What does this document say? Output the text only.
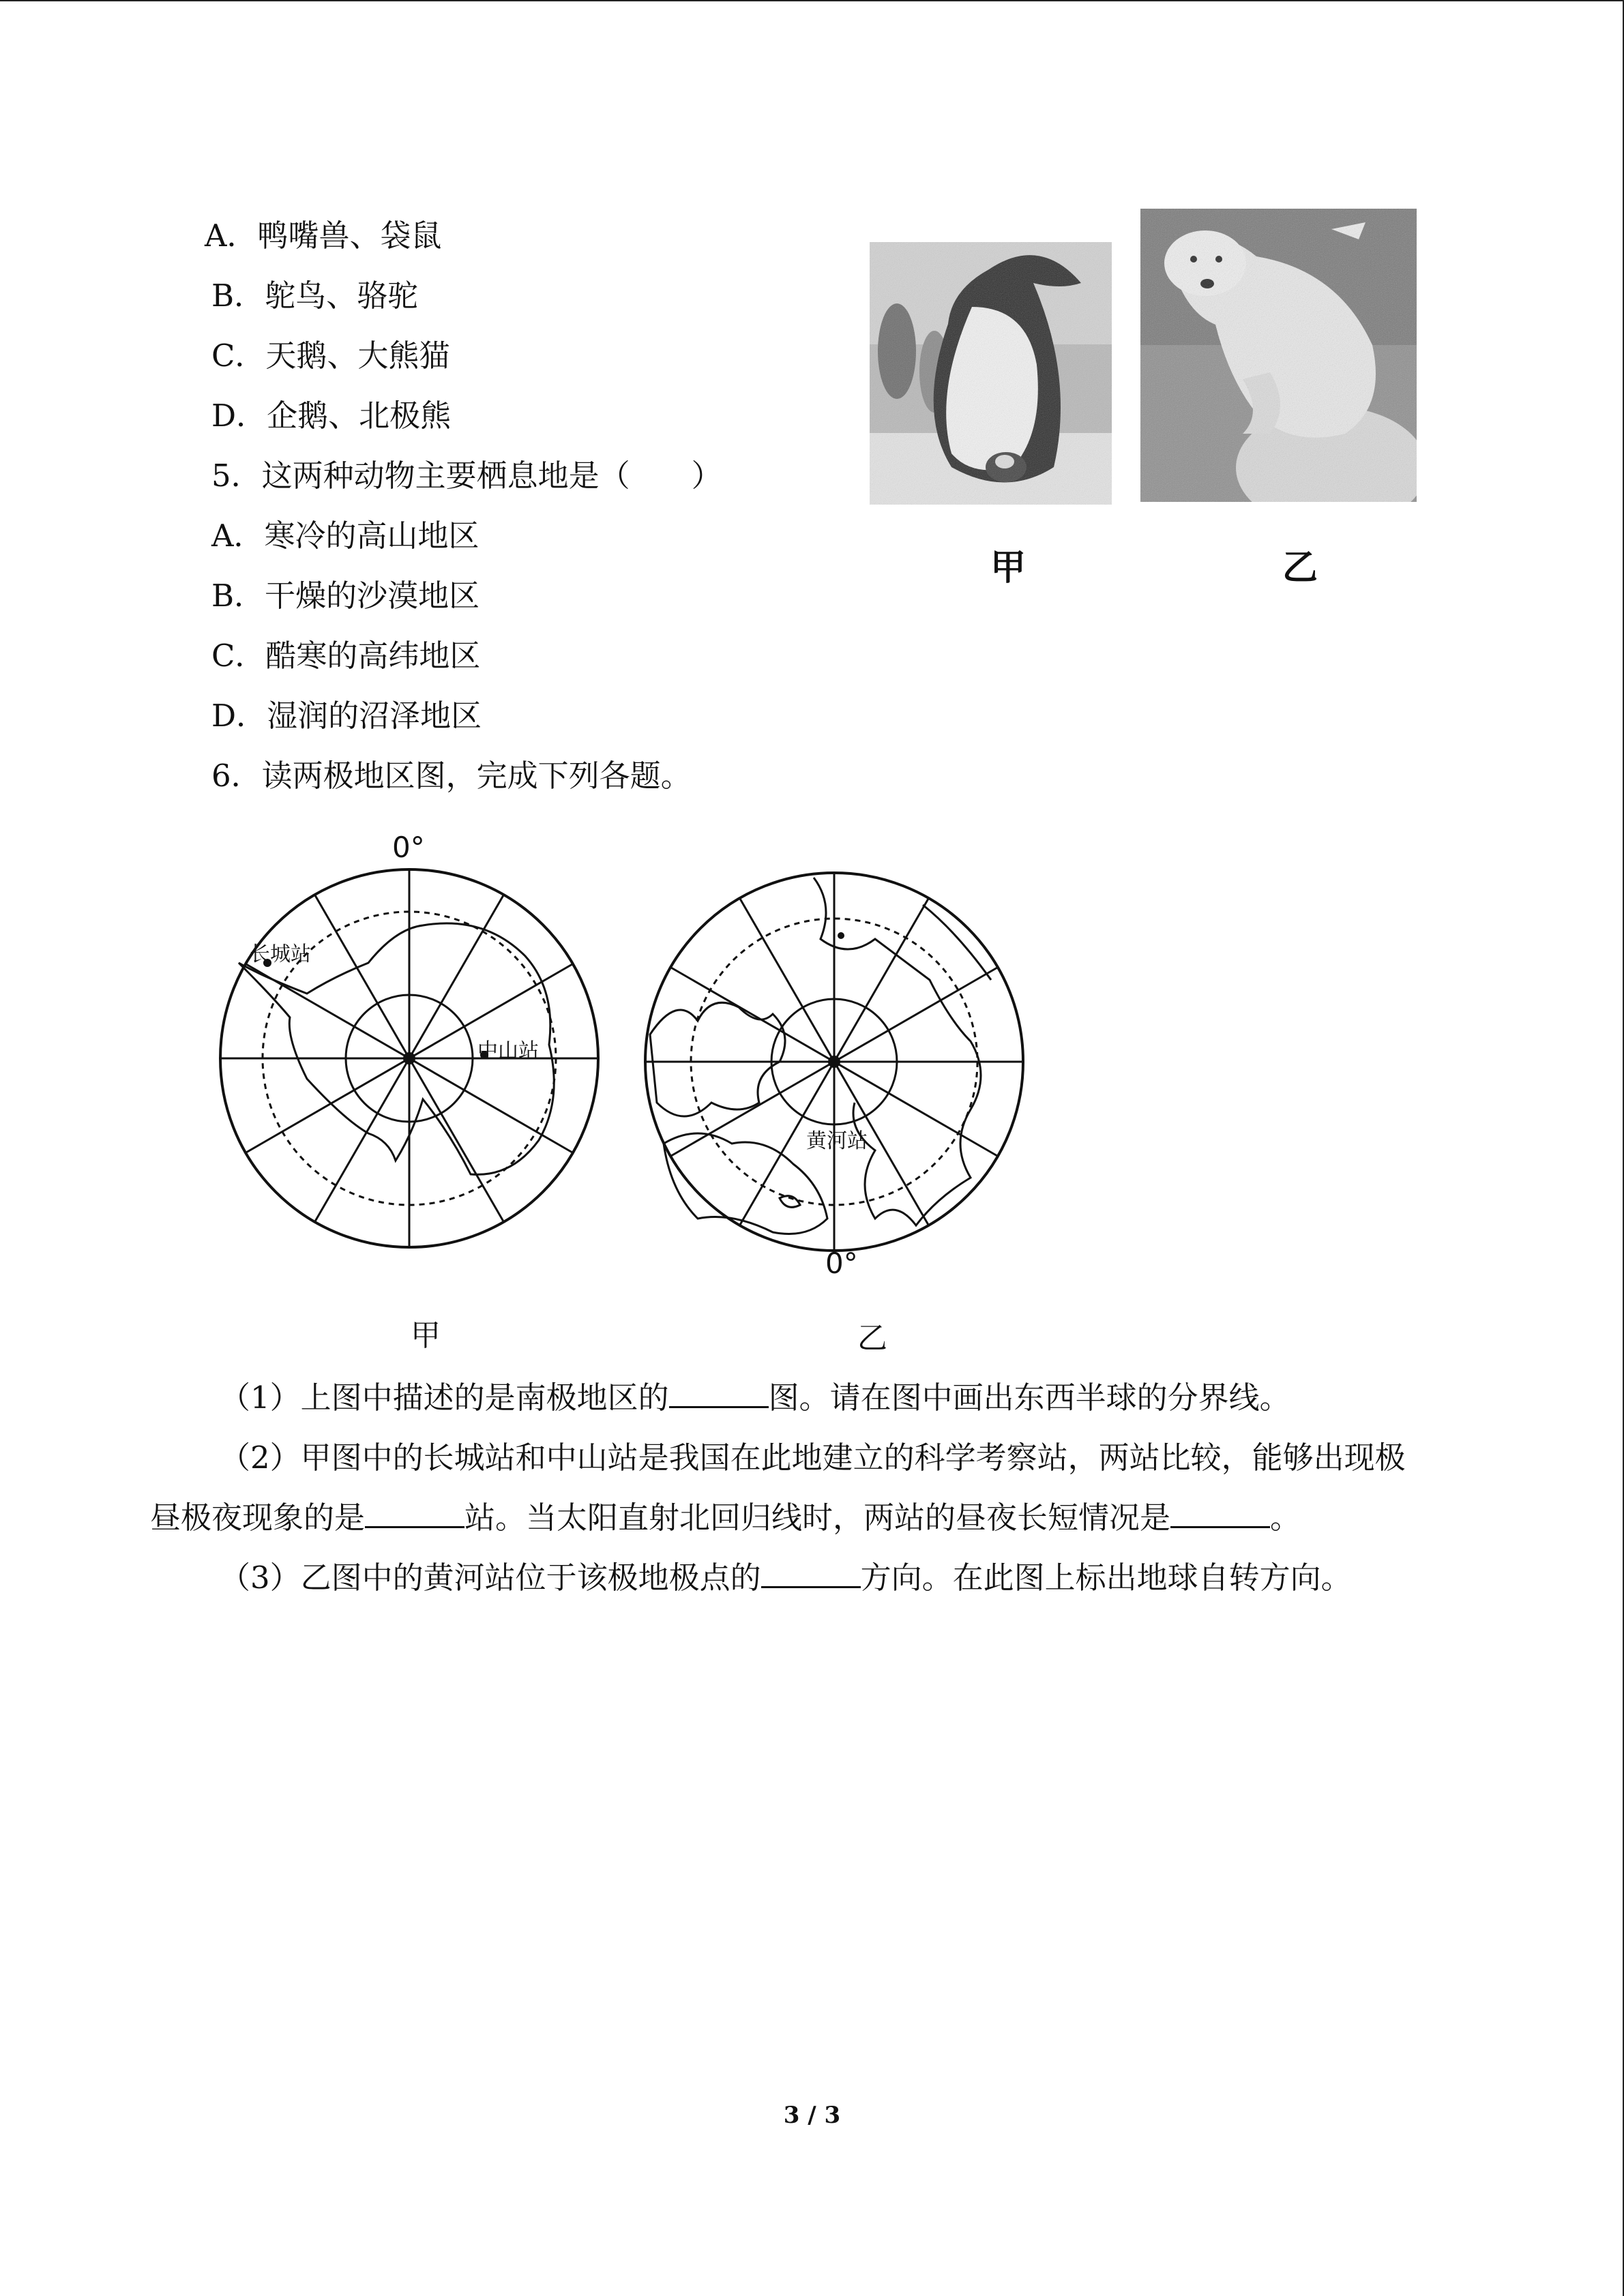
A．鸭嘴兽、袋鼠
B．鸵鸟、骆驼
C．天鹅、大熊猫
D．企鹅、北极熊
5．这两种动物主要栖息地是（　　）
A．寒冷的高山地区
B．干燥的沙漠地区
C．酷寒的高纬地区
D．湿润的沼泽地区
甲	乙
6．读两极地区图，完成下列各题。
0°
长城站
中山站
甲
黄河站
0°
乙
（1）上图中描述的是南极地区的	图。请在图中画出东西半球的分界线。
（2）甲图中的长城站和中山站是我国在此地建立的科学考察站，两站比较，能够出现极
昼极夜现象的是	站。当太阳直射北回归线时，两站的昼夜长短情况是	。
（3）乙图中的黄河站位于该极地极点的	方向。在此图上标出地球自转方向。
3 / 3
